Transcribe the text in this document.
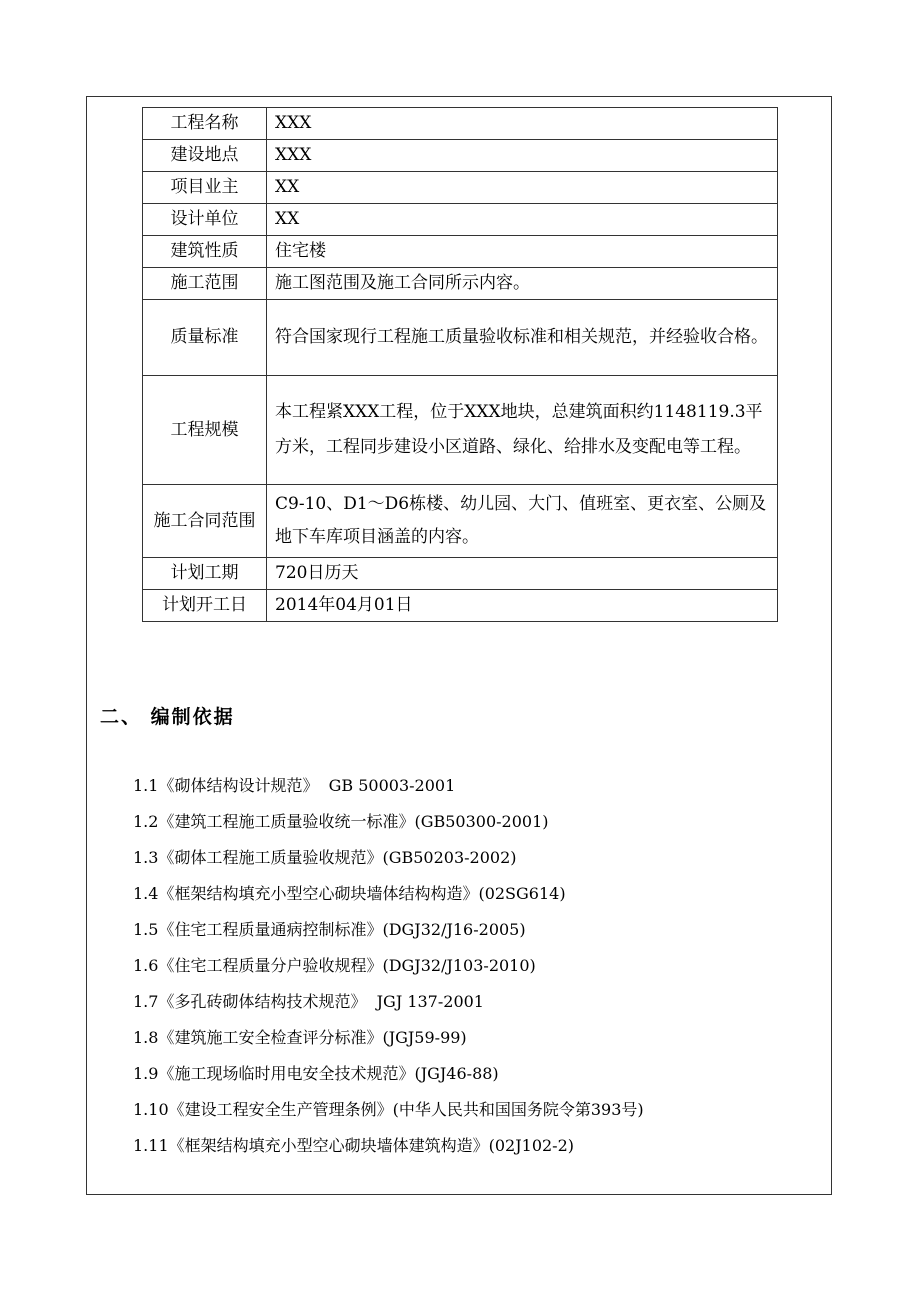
工程名称	XXX
建设地点	XXX
项目业主	XX
设计单位	XX
建筑性质	住宅楼
施工范围	施工图范围及施工合同所示内容。
质量标准	符合国家现行工程施工质量验收标准和相关规范，并经验收合格。
工程规模	本工程紧XXX工程，位于XXX地块，总建筑面积约1148119.3平方米，工程同步建设小区道路、绿化、给排水及变配电等工程。
施工合同范围	C9-10、D1～D6栋楼、幼儿园、大门、值班室、更衣室、公厕及地下车库项目涵盖的内容。
计划工期	720日历天
计划开工日	2014年04月01日
二、 编制依据
1.1《砌体结构设计规范》  GB 50003-2001
1.2《建筑工程施工质量验收统一标准》(GB50300-2001)
1.3《砌体工程施工质量验收规范》(GB50203-2002)
1.4《框架结构填充小型空心砌块墙体结构构造》(02SG614)
1.5《住宅工程质量通病控制标准》(DGJ32/J16-2005)
1.6《住宅工程质量分户验收规程》(DGJ32/J103-2010)
1.7《多孔砖砌体结构技术规范》  JGJ 137-2001
1.8《建筑施工安全检查评分标准》(JGJ59-99)
1.9《施工现场临时用电安全技术规范》(JGJ46-88)
1.10《建设工程安全生产管理条例》(中华人民共和国国务院令第393号)
1.11《框架结构填充小型空心砌块墙体建筑构造》(02J102-2)
